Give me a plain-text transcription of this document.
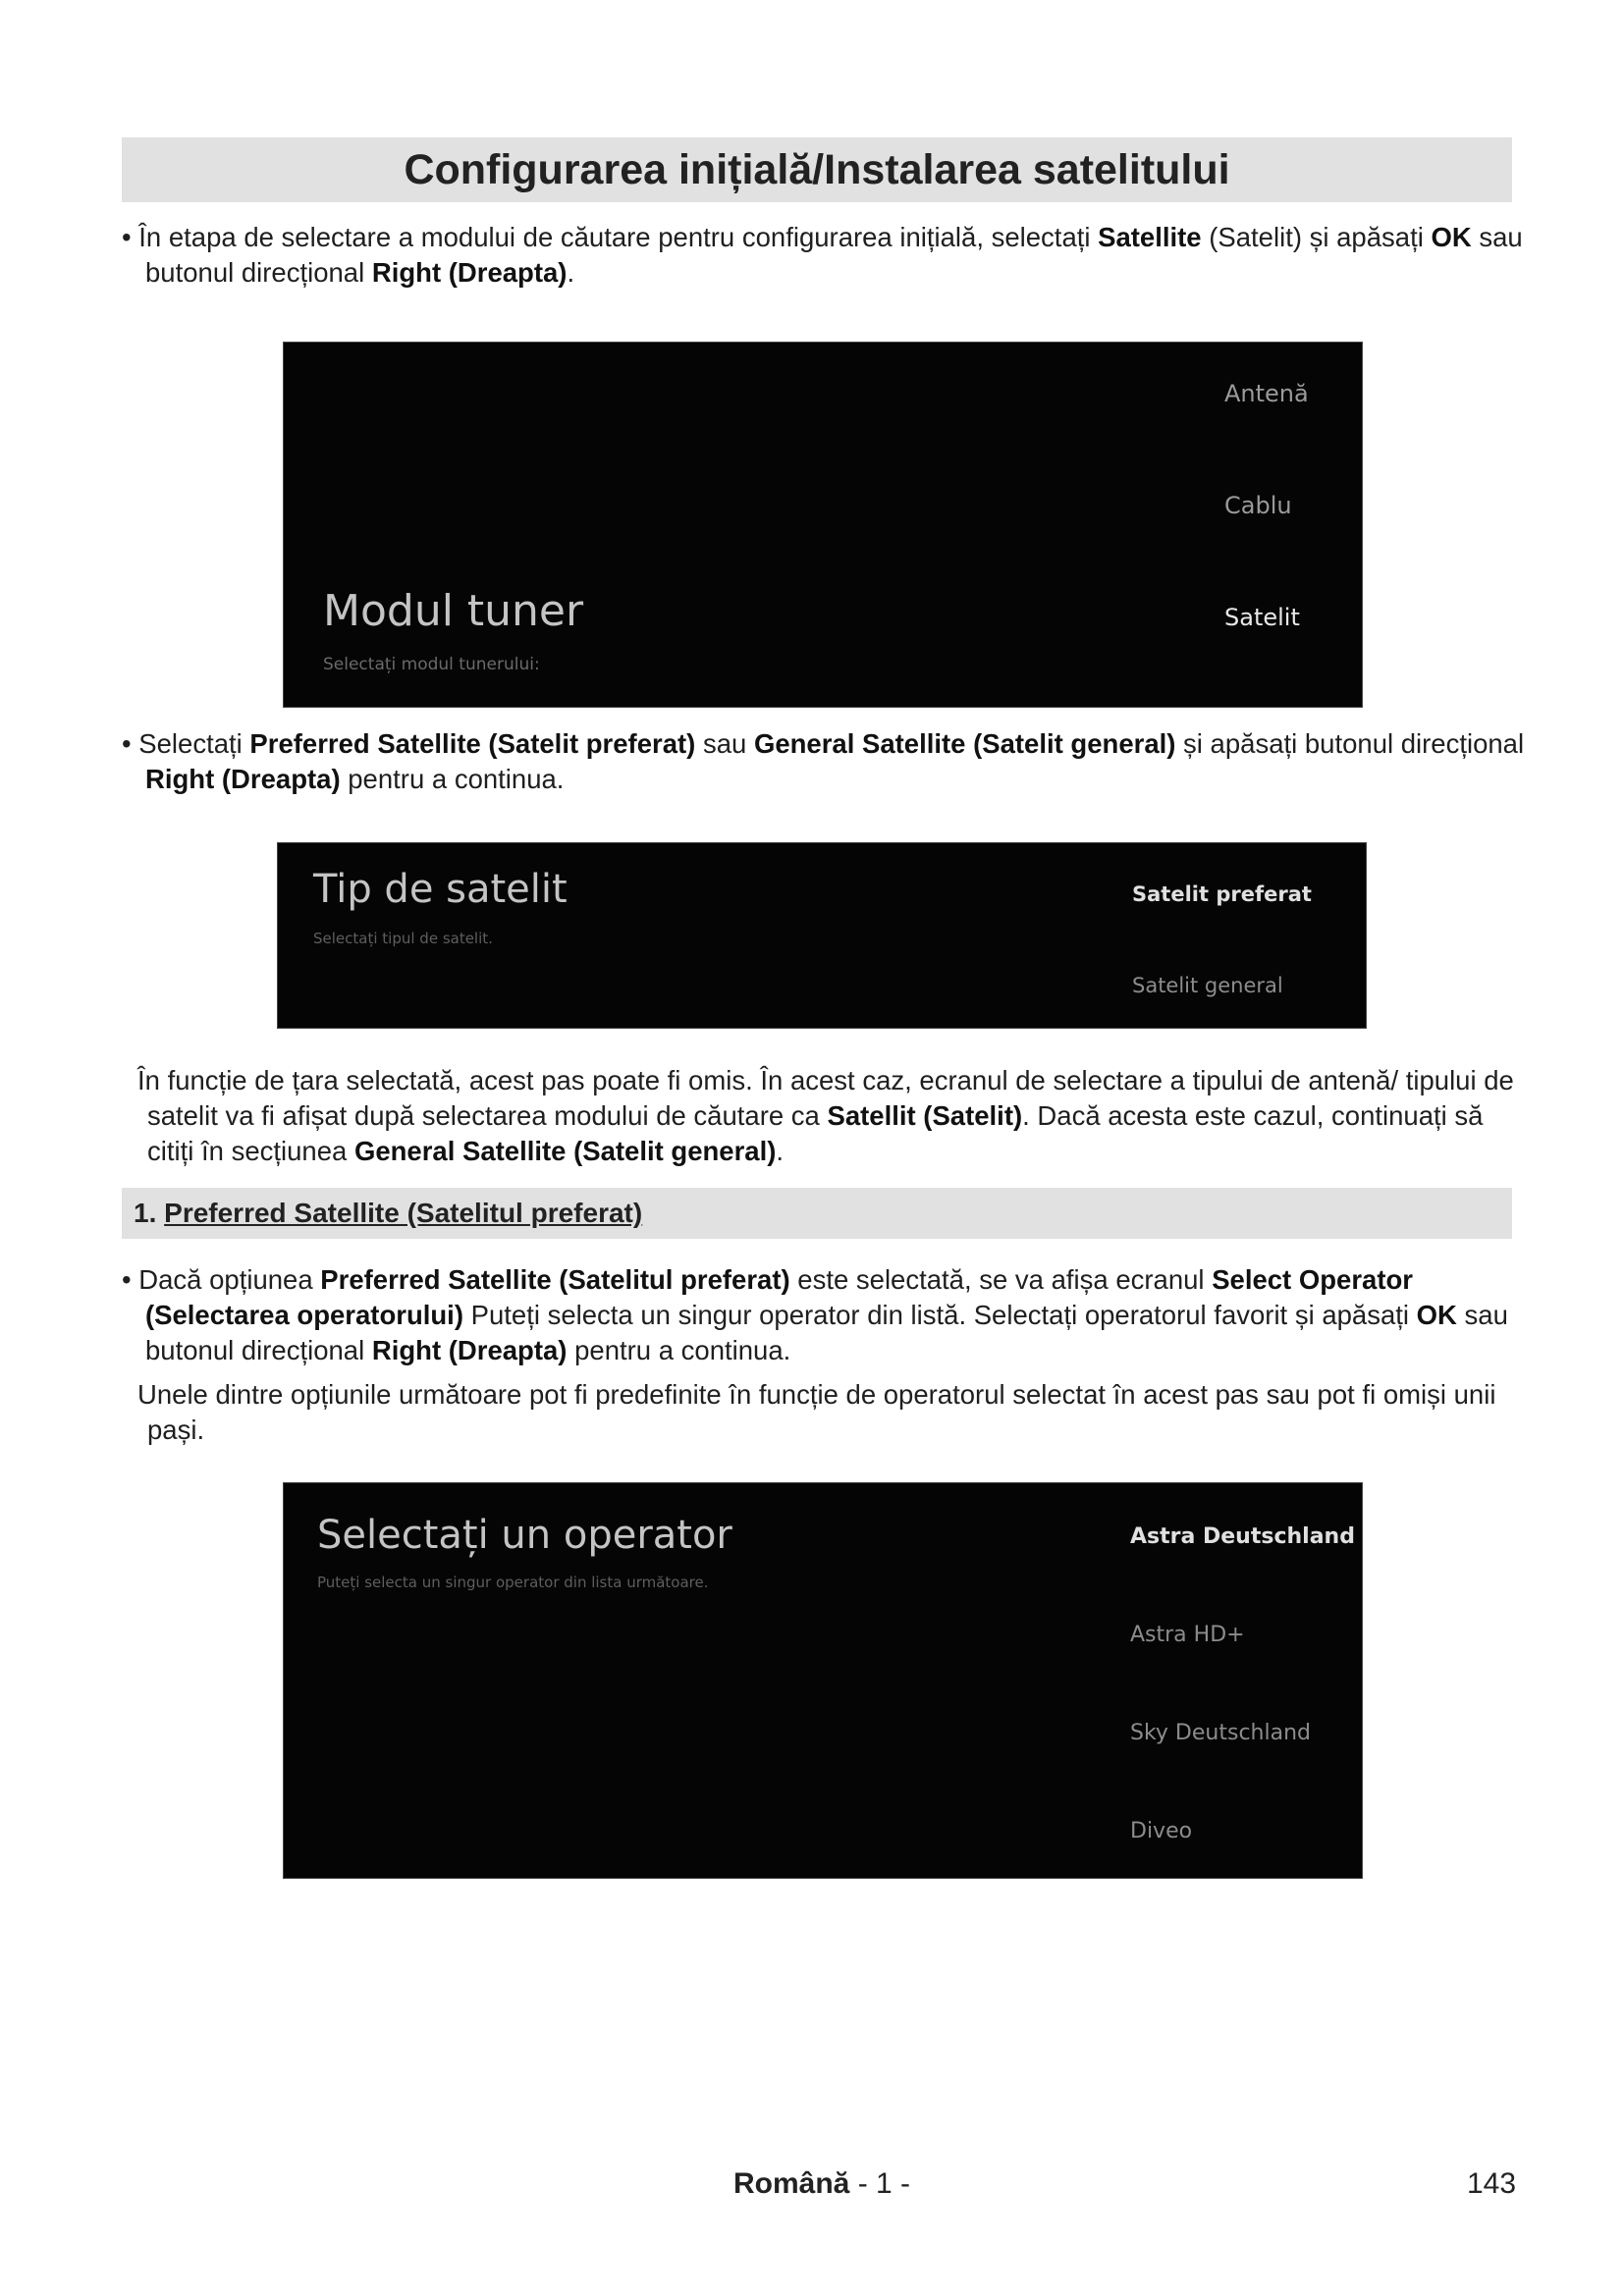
Configurarea inițială/Instalarea satelitului
• În etapa de selectare a modului de căutare pentru configurarea inițială, selectați Satellite (Satelit) și apăsați OK sau butonul direcțional Right (Dreapta).
Modul tuner
Selectați modul tunerului:
Antenă
Cablu
Satelit
• Selectați Preferred Satellite (Satelit preferat) sau General Satellite (Satelit general) și apăsați butonul direcțional Right (Dreapta) pentru a continua.
Tip de satelit
Selectați tipul de satelit.
Satelit preferat
Satelit general
În funcție de țara selectată, acest pas poate fi omis. În acest caz, ecranul de selectare a tipului de antenă/ tipului de satelit va fi afișat după selectarea modului de căutare ca Satellit (Satelit). Dacă acesta este cazul, continuați să citiți în secțiunea General Satellite (Satelit general).
1. Preferred Satellite (Satelitul preferat)
• Dacă opțiunea Preferred Satellite (Satelitul preferat) este selectată, se va afișa ecranul Select Operator (Selectarea operatorului) Puteți selecta un singur operator din listă. Selectați operatorul favorit și apăsați OK sau butonul direcțional Right (Dreapta) pentru a continua.
Unele dintre opțiunile următoare pot fi predefinite în funcție de operatorul selectat în acest pas sau pot fi omiși unii pași.
Selectați un operator
Puteți selecta un singur operator din lista următoare.
Astra Deutschland
Astra HD+
Sky Deutschland
Diveo
Română - 1 -	143
